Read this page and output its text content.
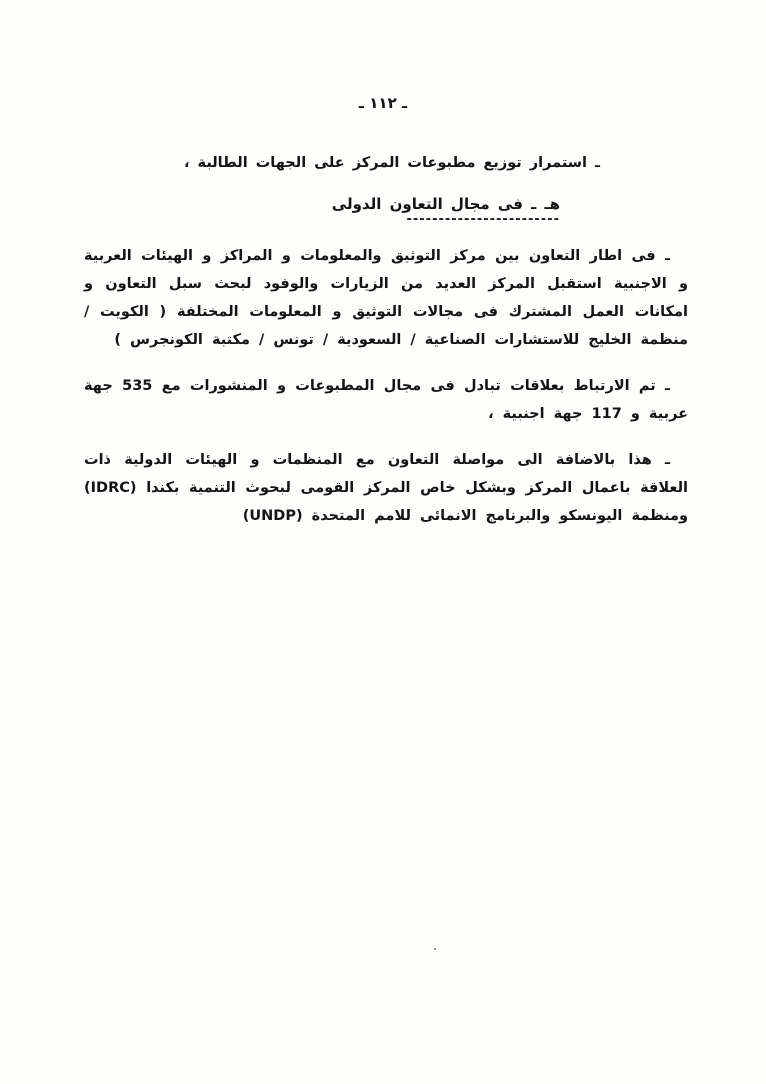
ـ ١١٢ ـ

ـ استمرار توزيع مطبوعات المركز على الجهات الطالبة ،

هـ ـ فى مجال التعاون الدولى
------------------------

ـ فى اطار التعاون بين مركز التوثيق والمعلومات و المراكز و الهيئات العربية و الاجنبية استقبل المركز العديد من الزيارات والوفود لبحث سبل التعاون و امكانات العمل المشترك فى مجالات التوثيق و المعلومات المختلفة ( الكويت / منظمة الخليج للاستشارات الصناعية / السعودية / تونس / مكتبة الكونجرس )

ـ تم الارتباط بعلاقات تبادل فى مجال المطبوعات و المنشورات مع 535 جهة عربية و 117 جهة اجنبية ،

ـ هذا بالاضافة الى مواصلة التعاون مع المنظمات و الهيئات الدولية ذات العلاقة باعمال المركز وبشكل خاص المركز القومى لبحوث التنمية بكندا (IDRC) ومنظمة اليونسكو والبرنامج الانمائى للامم المتحدة (UNDP)
